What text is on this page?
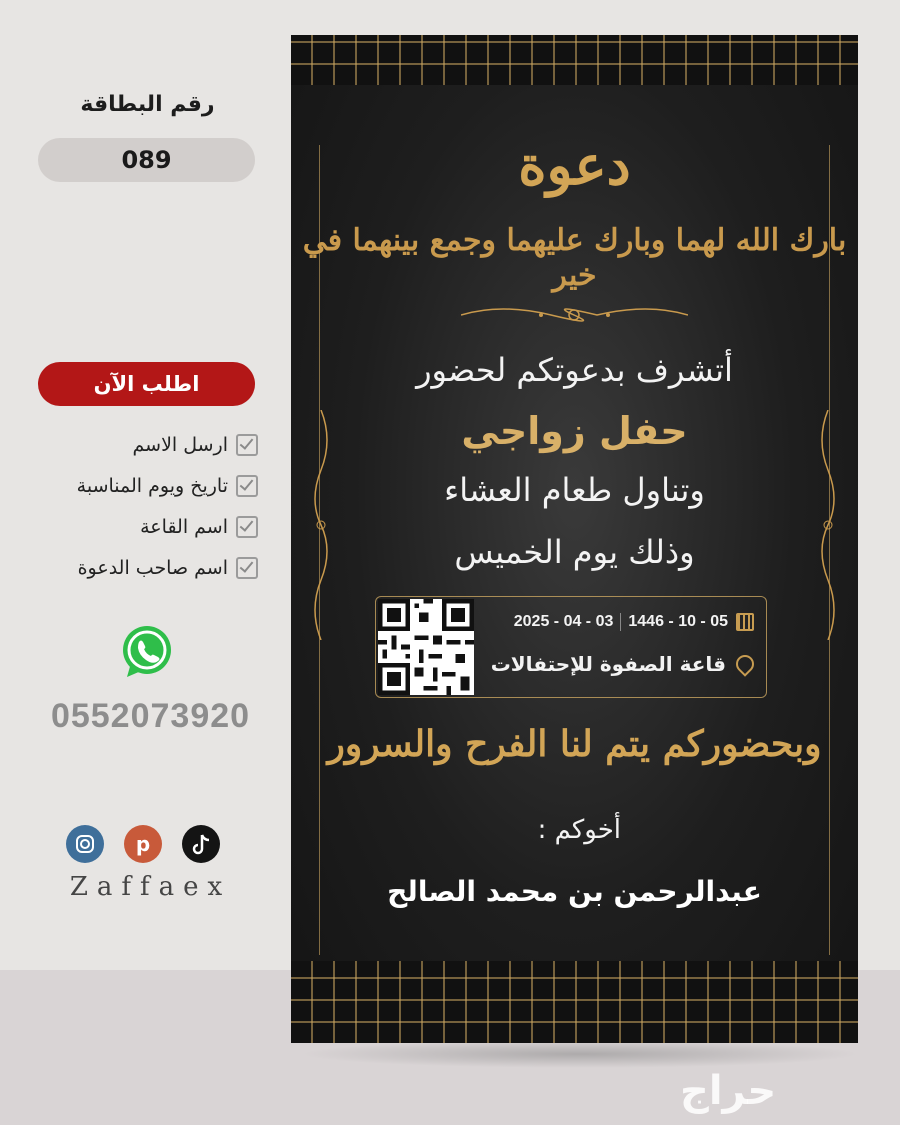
رقم البطاقة
089
اطلب الآن
ارسل الاسم
تاريخ ويوم المناسبة
اسم القاعة
اسم صاحب الدعوة
0552073920
p
Zaffaex
دعوة
بارك الله لهما وبارك عليهما وجمع بينهما في خير
أتشرف بدعوتكم لحضور
حفل زواجي
وتناول طعام العشاء
وذلك يوم الخميس
2025 - 04 - 03 1446 - 10 - 05
قاعة الصفوة للإحتفالات
وبحضوركم يتم لنا الفرح والسرور
أخوكم :
عبدالرحمن بن محمد الصالح
حراج
